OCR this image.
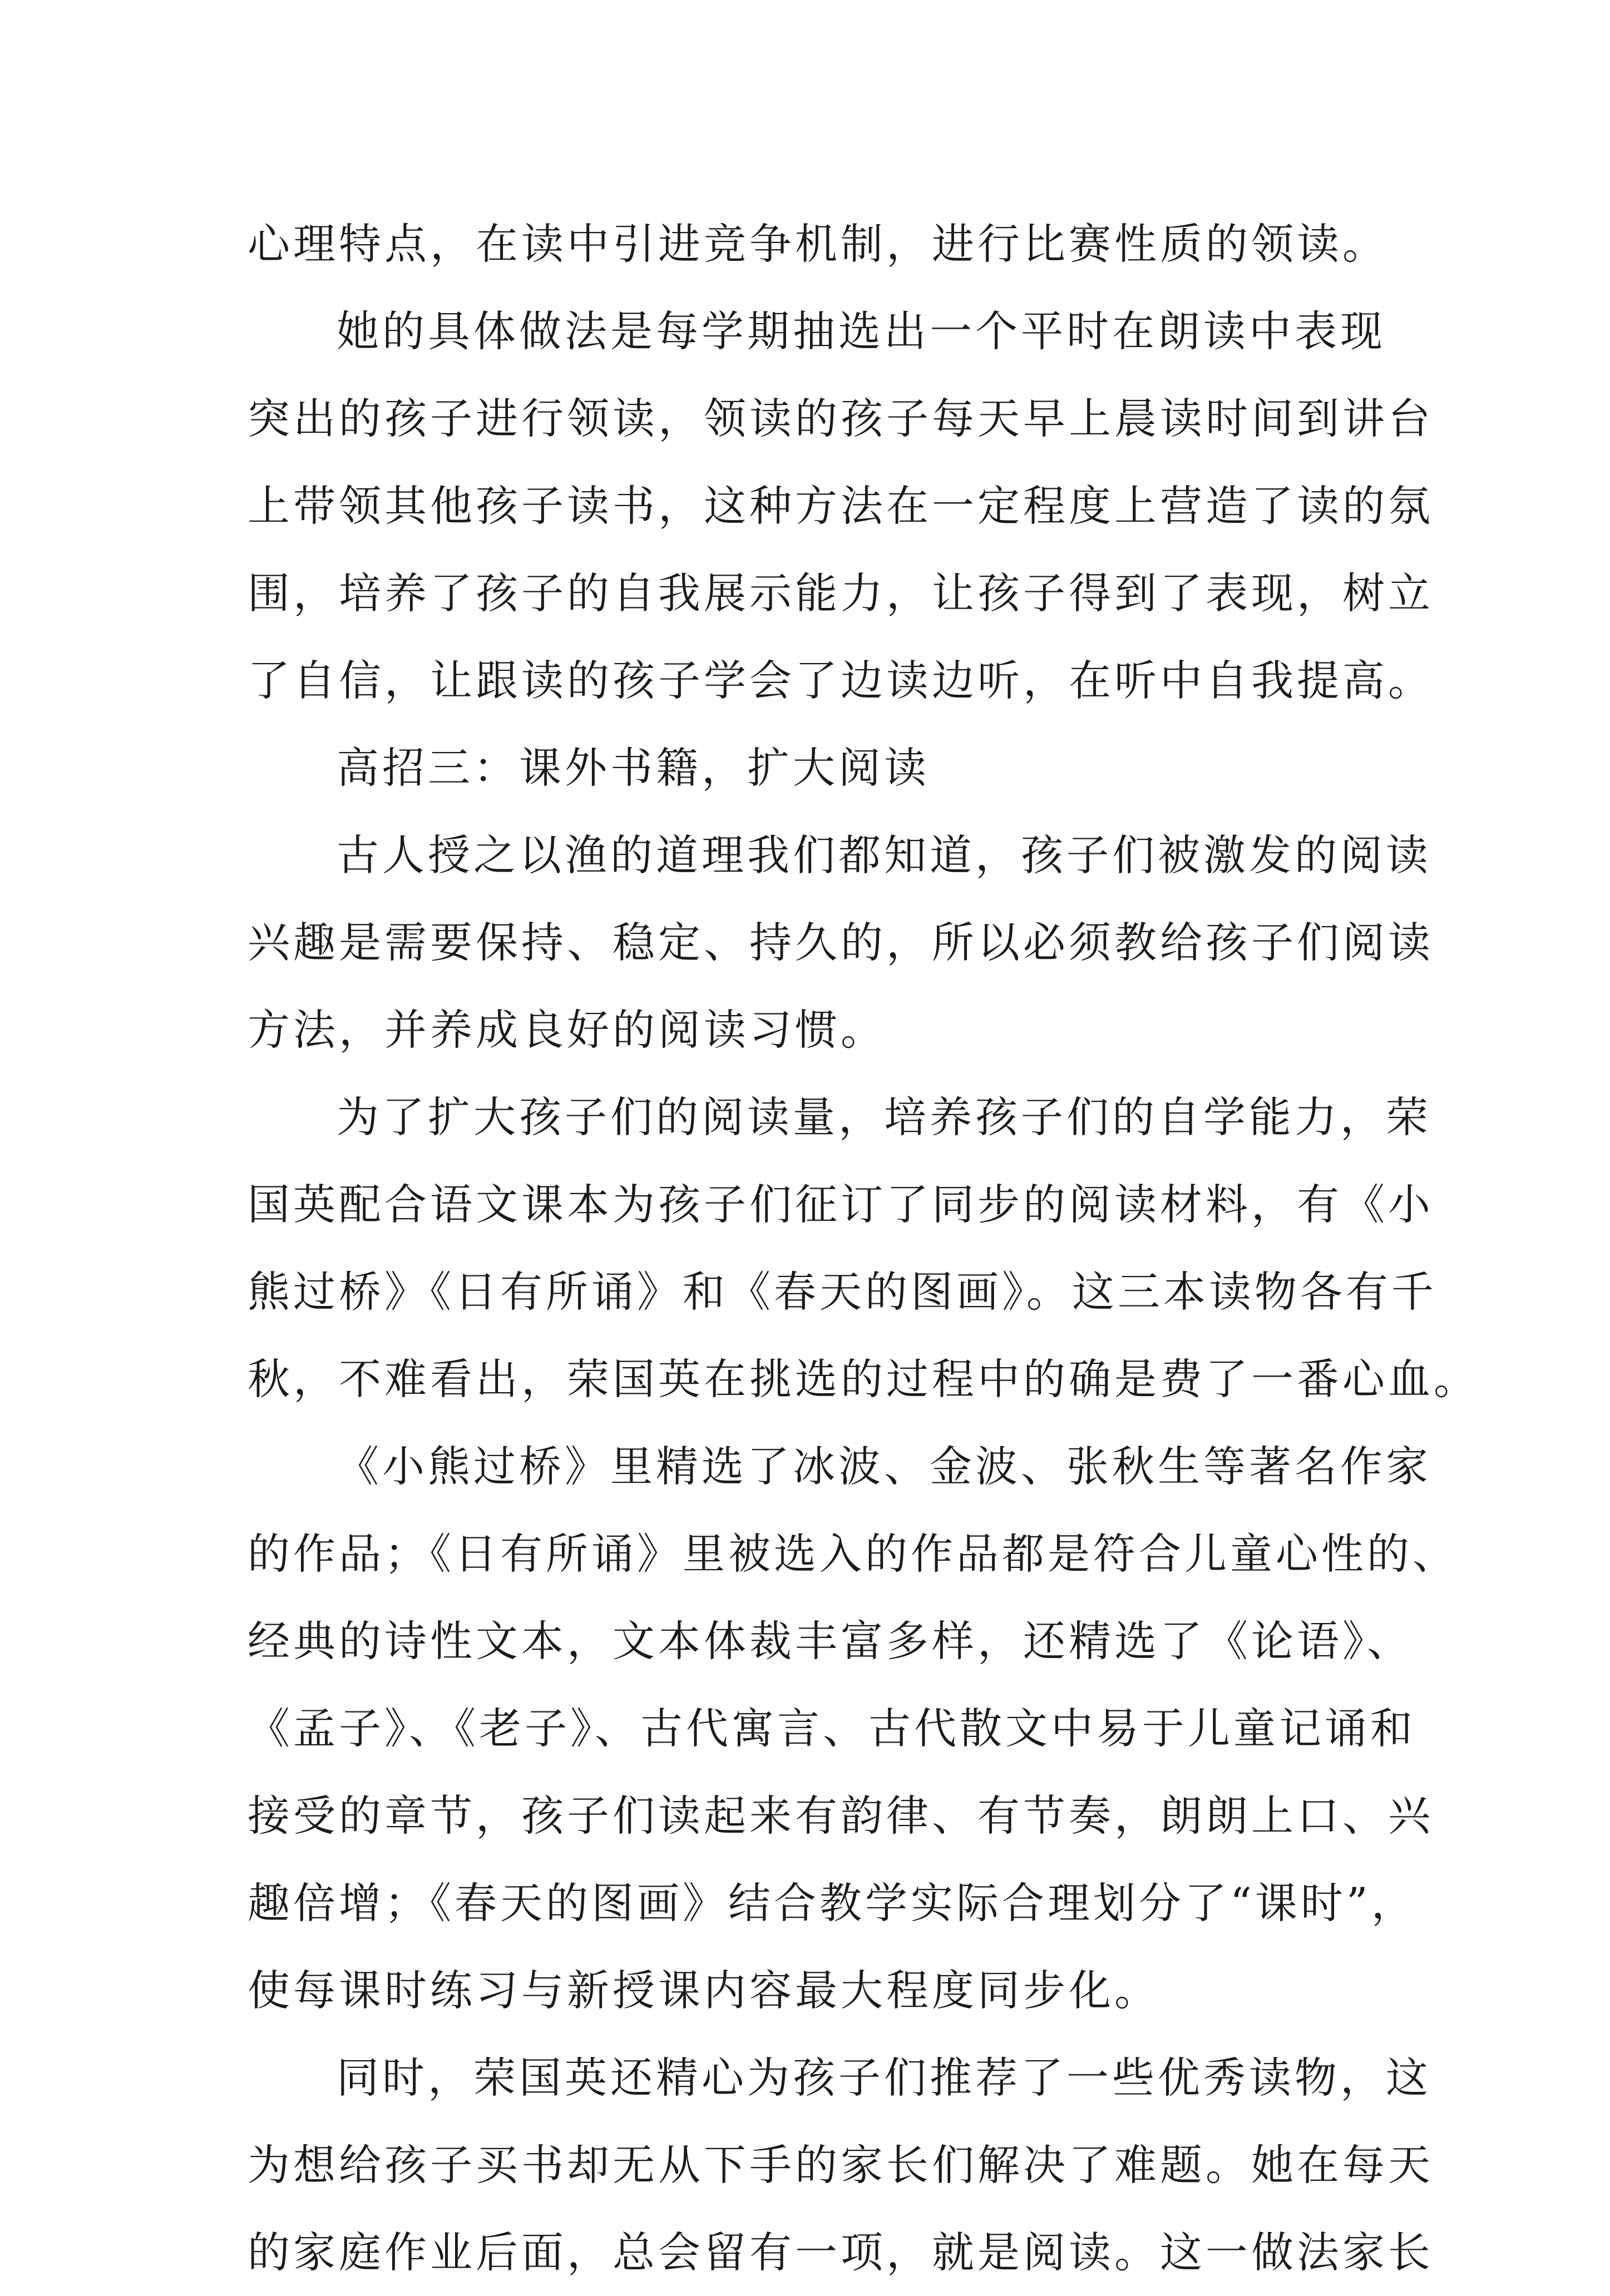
心理特点，在读中引进竞争机制，进行比赛性质的领读。
她的具体做法是每学期抽选出一个平时在朗读中表现
突出的孩子进行领读，领读的孩子每天早上晨读时间到讲台
上带领其他孩子读书，这种方法在一定程度上营造了读的氛
围，培养了孩子的自我展示能力，让孩子得到了表现，树立
了自信，让跟读的孩子学会了边读边听，在听中自我提高。
高招三：课外书籍，扩大阅读
古人授之以渔的道理我们都知道，孩子们被激发的阅读
兴趣是需要保持、稳定、持久的，所以必须教给孩子们阅读
方法，并养成良好的阅读习惯。
为了扩大孩子们的阅读量，培养孩子们的自学能力，荣
国英配合语文课本为孩子们征订了同步的阅读材料，有《小
熊过桥》《日有所诵》和《春天的图画》。这三本读物各有千
秋，不难看出，荣国英在挑选的过程中的确是费了一番心血。
《小熊过桥》里精选了冰波、金波、张秋生等著名作家
的作品；《日有所诵》里被选入的作品都是符合儿童心性的、
经典的诗性文本，文本体裁丰富多样，还精选了《论语》、
《孟子》、《老子》、古代寓言、古代散文中易于儿童记诵和
接受的章节，孩子们读起来有韵律、有节奏，朗朗上口、兴
趣倍增；《春天的图画》结合教学实际合理划分了“课时”，
使每课时练习与新授课内容最大程度同步化。
同时，荣国英还精心为孩子们推荐了一些优秀读物，这
为想给孩子买书却无从下手的家长们解决了难题。她在每天
的家庭作业后面，总会留有一项，就是阅读。这一做法家长
